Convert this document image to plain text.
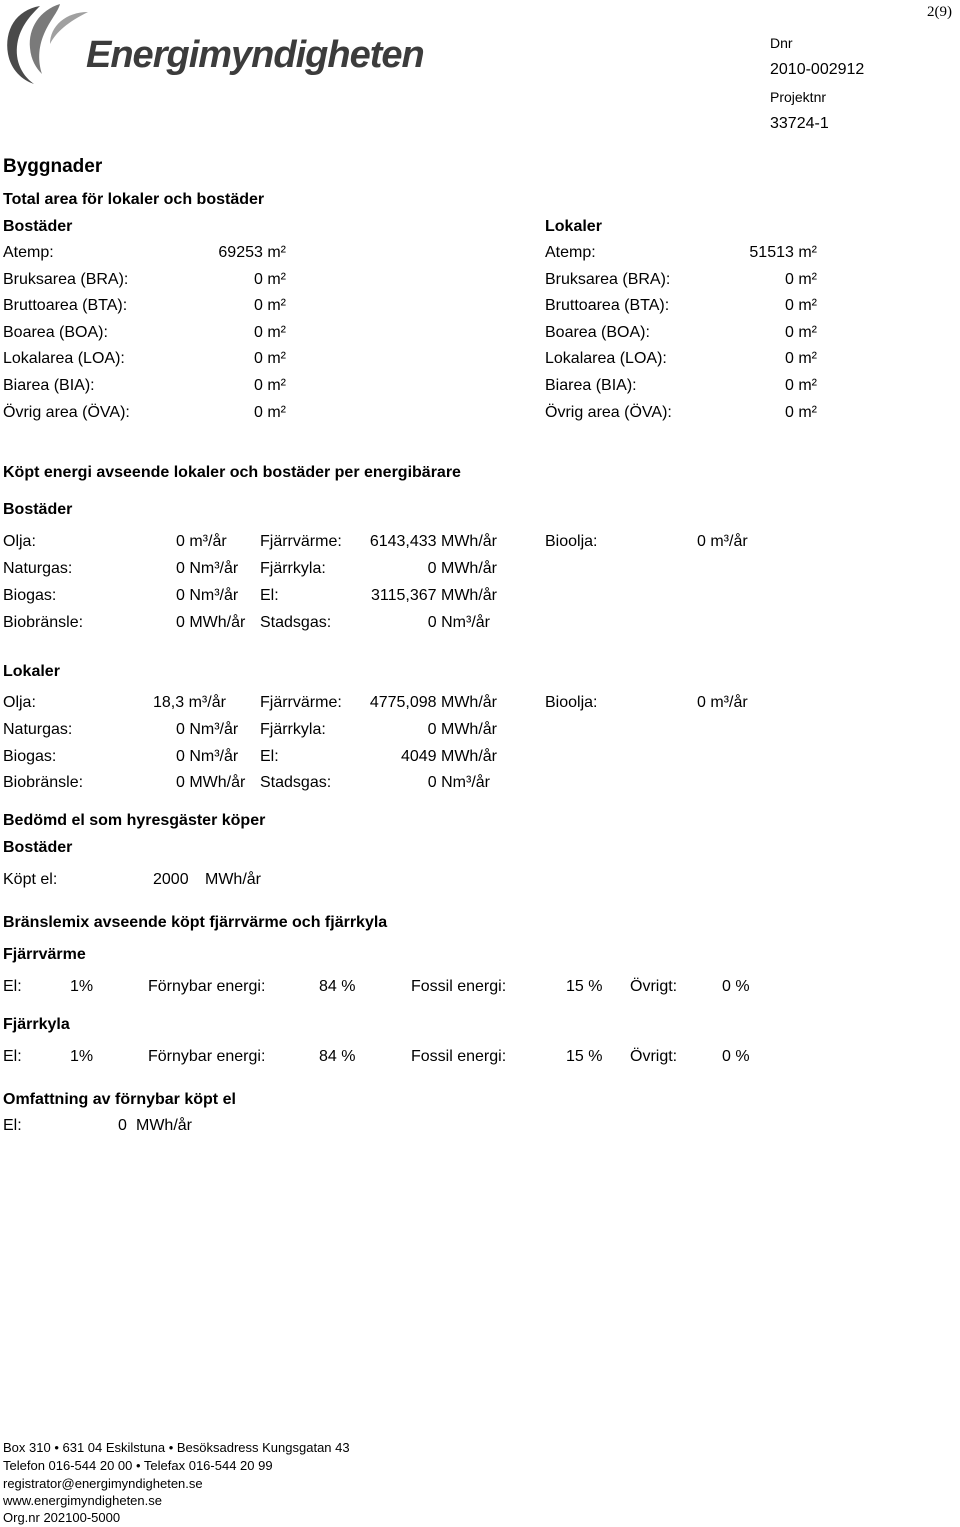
2(9)
Energimyndigheten	Dnr
2010-002912
Projektnr
33724-1
Byggnader
Total area för lokaler och bostäder
Bostäder
Atemp:	69253 m²
Bruksarea (BRA):	0 m²
Bruttoarea (BTA):	0 m²
Boarea (BOA):	0 m²
Lokalarea (LOA):	0 m²
Biarea (BIA):	0 m²
Övrig area (ÖVA):	0 m²
Lokaler
Atemp:	51513 m²
Bruksarea (BRA):	0 m²
Bruttoarea (BTA):	0 m²
Boarea (BOA):	0 m²
Lokalarea (LOA):	0 m²
Biarea (BIA):	0 m²
Övrig area (ÖVA):	0 m²
Köpt energi avseende lokaler och bostäder per energibärare
Bostäder
Olja:	0 m³/år Fjärrvärme: 6143,433 MWh/år	Bioolja:	0 m³/år
Naturgas:	0 Nm³/år Fjärrkyla:	0 MWh/år
Biogas:	0 Nm³/år El:	3115,367 MWh/år
Biobränsle:	0 MWh/år Stadsgas:	0 Nm³/år
Lokaler
Olja:	18,3 m³/år Fjärrvärme: 4775,098 MWh/år	Bioolja:	0 m³/år
Naturgas:	0 Nm³/år Fjärrkyla:	0 MWh/år
Biogas:	0 Nm³/år El:	4049 MWh/år
Biobränsle:	0 MWh/år Stadsgas:	0 Nm³/år
Bedömd el som hyresgäster köper
Bostäder
Köpt el:	2000 MWh/år
Bränslemix avseende köpt fjärrvärme och fjärrkyla
Fjärrvärme
El:	1%	Förnybar energi:	84 %	Fossil energi:	15 % Övrigt:	0 %
Fjärrkyla
El:	1%	Förnybar energi:	84 %	Fossil energi:	15 % Övrigt:	0 %
Omfattning av förnybar köpt el
El:	0 MWh/år
Box 310 • 631 04 Eskilstuna • Besöksadress Kungsgatan 43
Telefon 016-544 20 00 • Telefax 016-544 20 99
registrator@energimyndigheten.se
www.energimyndigheten.se
Org.nr 202100-5000
